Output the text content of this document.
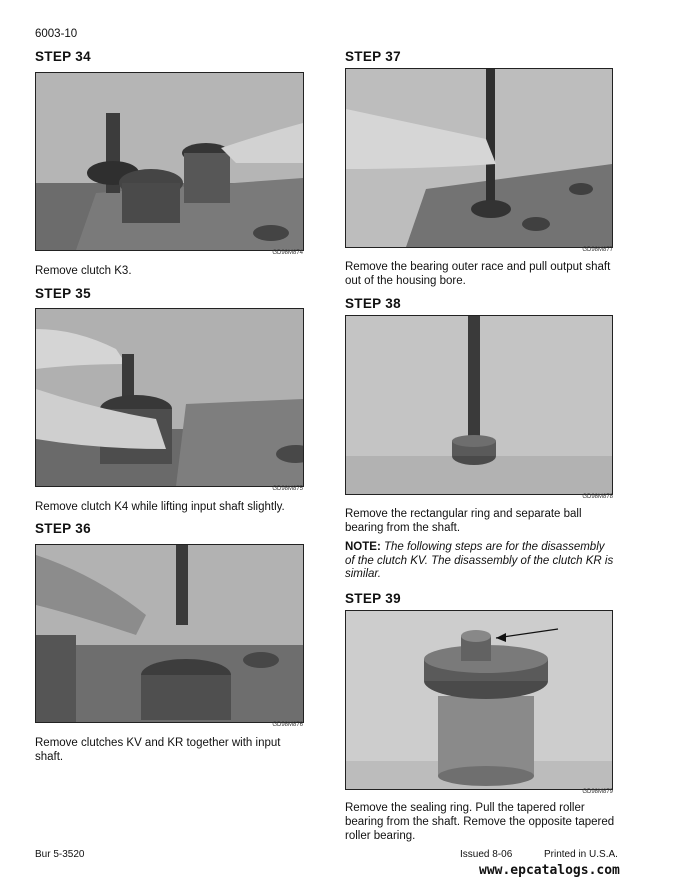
6003-10
STEP 34
GD98M874
Remove clutch K3.
STEP 35
GD98M875
Remove clutch K4 while lifting input shaft slightly.
STEP 36
GD98M876
Remove clutches KV and KR together with input
shaft.
STEP 37
GD98M877
Remove the bearing outer race and pull output shaft
out of the housing bore.
STEP 38
GD98M878
Remove the rectangular ring and separate ball
bearing from the shaft.
NOTE: The following steps are for the disassembly
of the clutch KV. The disassembly of the clutch KR is
similar.
STEP 39
GD98M879
Remove the sealing ring. Pull the tapered roller
bearing from the shaft. Remove the opposite tapered
roller bearing.
Bur 5-3520	Issued 8-06	Printed in U.S.A.
www.epcatalogs.com
